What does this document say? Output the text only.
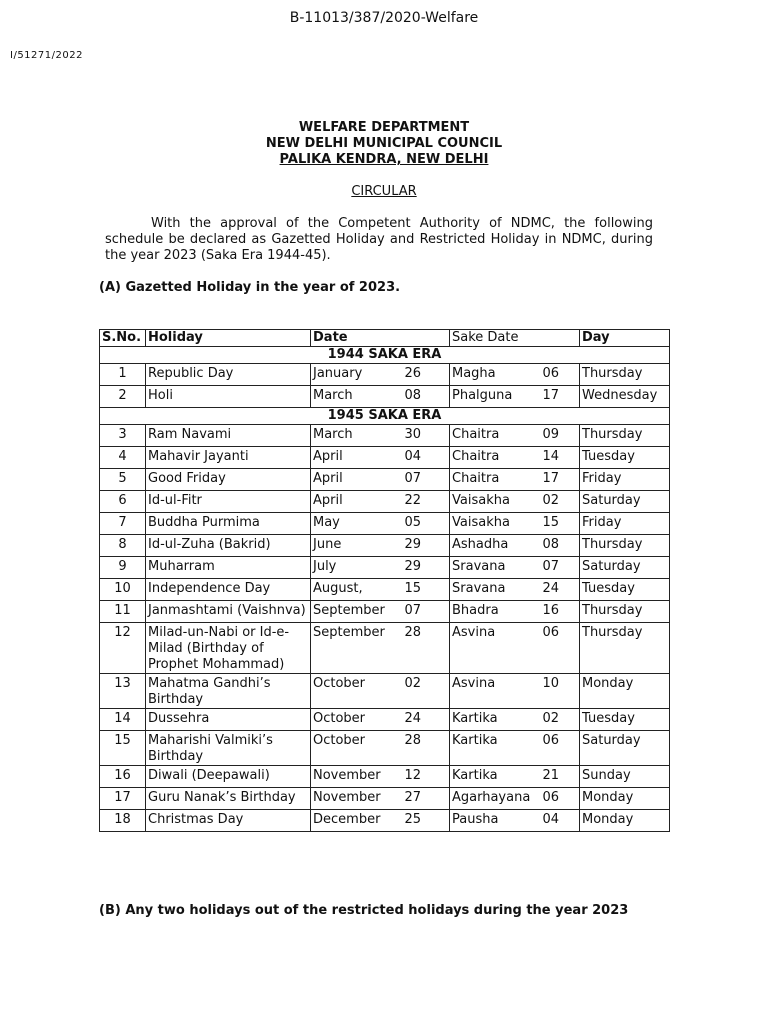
B-11013/387/2020-Welfare
I/51271/2022
WELFARE DEPARTMENT
NEW DELHI MUNICIPAL COUNCIL
PALIKA KENDRA, NEW DELHI
CIRCULAR
With the approval of the Competent Authority of NDMC, the following schedule be declared as Gazetted Holiday and Restricted Holiday in NDMC, during the year 2023 (Saka Era 1944-45).
(A) Gazetted Holiday in the year of 2023.
S.No.	Holiday	Date	Sake Date	Day
1944 SAKA ERA				
1	Republic Day	January 26	Magha 06	Thursday
2	Holi	March 08	Phalguna 17	Wednesday
1945 SAKA ERA				
3	Ram Navami	March 30	Chaitra 09	Thursday
4	Mahavir Jayanti	April 04	Chaitra 14	Tuesday
5	Good Friday	April 07	Chaitra 17	Friday
6	Id-ul-Fitr	April 22	Vaisakha 02	Saturday
7	Buddha Purmima	May 05	Vaisakha 15	Friday
8	Id-ul-Zuha (Bakrid)	June 29	Ashadha 08	Thursday
9	Muharram	July 29	Sravana 07	Saturday
10	Independence Day	August, 15	Sravana 24	Tuesday
11	Janmashtami (Vaishnva)	September 07	Bhadra 16	Thursday
12	Milad-un-Nabi or Id-e-Milad (Birthday of Prophet Mohammad)	September 28	Asvina 06	Thursday
13	Mahatma Gandhi’s Birthday	October 02	Asvina 10	Monday
14	Dussehra	October 24	Kartika 02	Tuesday
15	Maharishi Valmiki’s Birthday	October 28	Kartika 06	Saturday
16	Diwali (Deepawali)	November 12	Kartika 21	Sunday
17	Guru Nanak’s Birthday	November 27	Agarhayana 06	Monday
18	Christmas Day	December 25	Pausha 04	Monday
(B) Any two holidays out of the restricted holidays during the year 2023
